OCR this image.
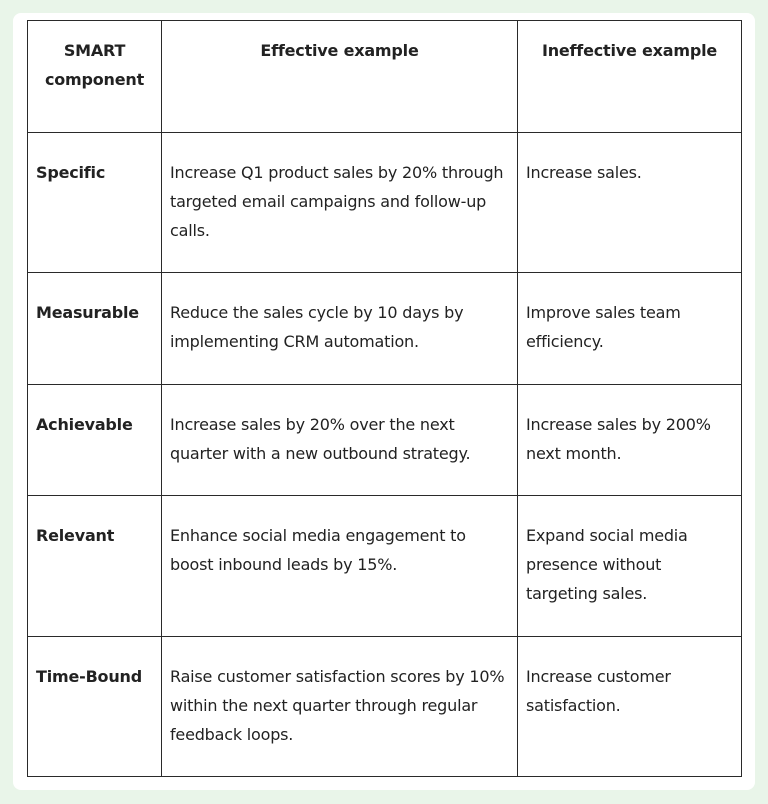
SMART component	Effective example	Ineffective example
Specific	Increase Q1 product sales by 20% through targeted email campaigns and follow-up calls.	Increase sales.
Measurable	Reduce the sales cycle by 10 days by implementing CRM automation.	Improve sales team efficiency.
Achievable	Increase sales by 20% over the next quarter with a new outbound strategy.	Increase sales by 200% next month.
Relevant	Enhance social media engagement to boost inbound leads by 15%.	Expand social media presence without targeting sales.
Time-Bound	Raise customer satisfaction scores by 10% within the next quarter through regular feedback loops.	Increase customer satisfaction.
